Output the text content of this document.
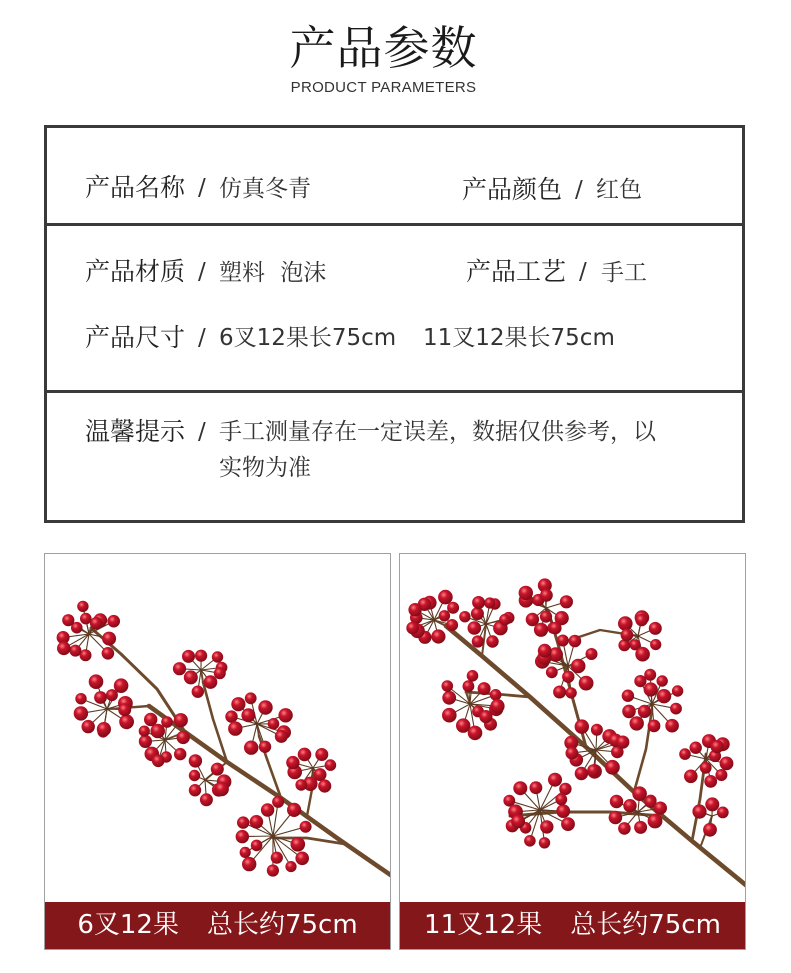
产品参数
PRODUCT PARAMETERS
产品名称 / 仿真冬青	产品颜色 / 红色
产品材质 / 塑料 泡沫	产品工艺 / 手工
产品尺寸 / 6叉12果长75cm 11叉12果长75cm
温馨提示 / 手工测量存在一定误差，数据仅供参考，以
实物为准
6叉12果 总长约75cm	11叉12果 总长约75cm
